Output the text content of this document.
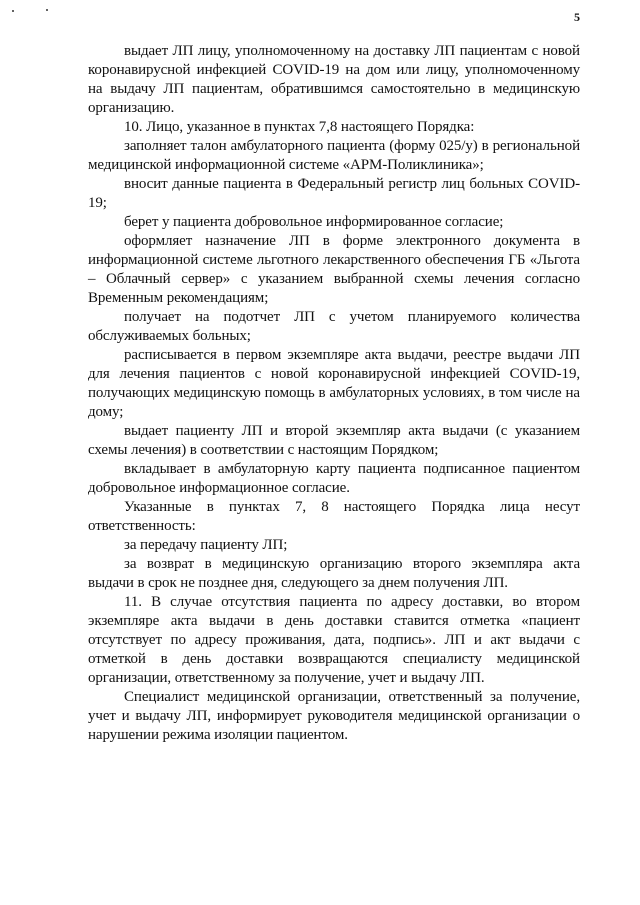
5

выдает ЛП лицу, уполномоченному на доставку ЛП пациентам с новой коронавирусной инфекцией COVID-19 на дом или лицу, уполномоченному на выдачу ЛП пациентам, обратившимся самостоятельно в медицинскую организацию.

10. Лицо, указанное в пунктах 7,8 настоящего Порядка:

заполняет талон амбулаторного пациента (форму 025/у) в региональной медицинской информационной системе «АРМ-Поликлиника»;

вносит данные пациента в Федеральный регистр лиц больных COVID-19;

берет у пациента добровольное информированное согласие;

оформляет назначение ЛП в форме электронного документа в информационной системе льготного лекарственного обеспечения ГБ «Льгота – Облачный сервер» с указанием выбранной схемы лечения согласно Временным рекомендациям;

получает на подотчет ЛП с учетом планируемого количества обслуживаемых больных;

расписывается в первом экземпляре акта выдачи, реестре выдачи ЛП для лечения пациентов с новой коронавирусной инфекцией COVID-19, получающих медицинскую помощь в амбулаторных условиях, в том числе на дому;

выдает пациенту ЛП и второй экземпляр акта выдачи (с указанием схемы лечения) в соответствии с настоящим Порядком;

вкладывает в амбулаторную карту пациента подписанное пациентом добровольное информационное согласие.

Указанные в пунктах 7, 8 настоящего Порядка лица несут ответственность:

за передачу пациенту ЛП;

за возврат в медицинскую организацию второго экземпляра акта выдачи в срок не позднее дня, следующего за днем получения ЛП.

11. В случае отсутствия пациента по адресу доставки, во втором экземпляре акта выдачи в день доставки ставится отметка «пациент отсутствует по адресу проживания, дата, подпись». ЛП и акт выдачи с отметкой в день доставки возвращаются специалисту медицинской организации, ответственному за получение, учет и выдачу ЛП.

Специалист медицинской организации, ответственный за получение, учет и выдачу ЛП, информирует руководителя медицинской организации о нарушении режима изоляции пациентом.
